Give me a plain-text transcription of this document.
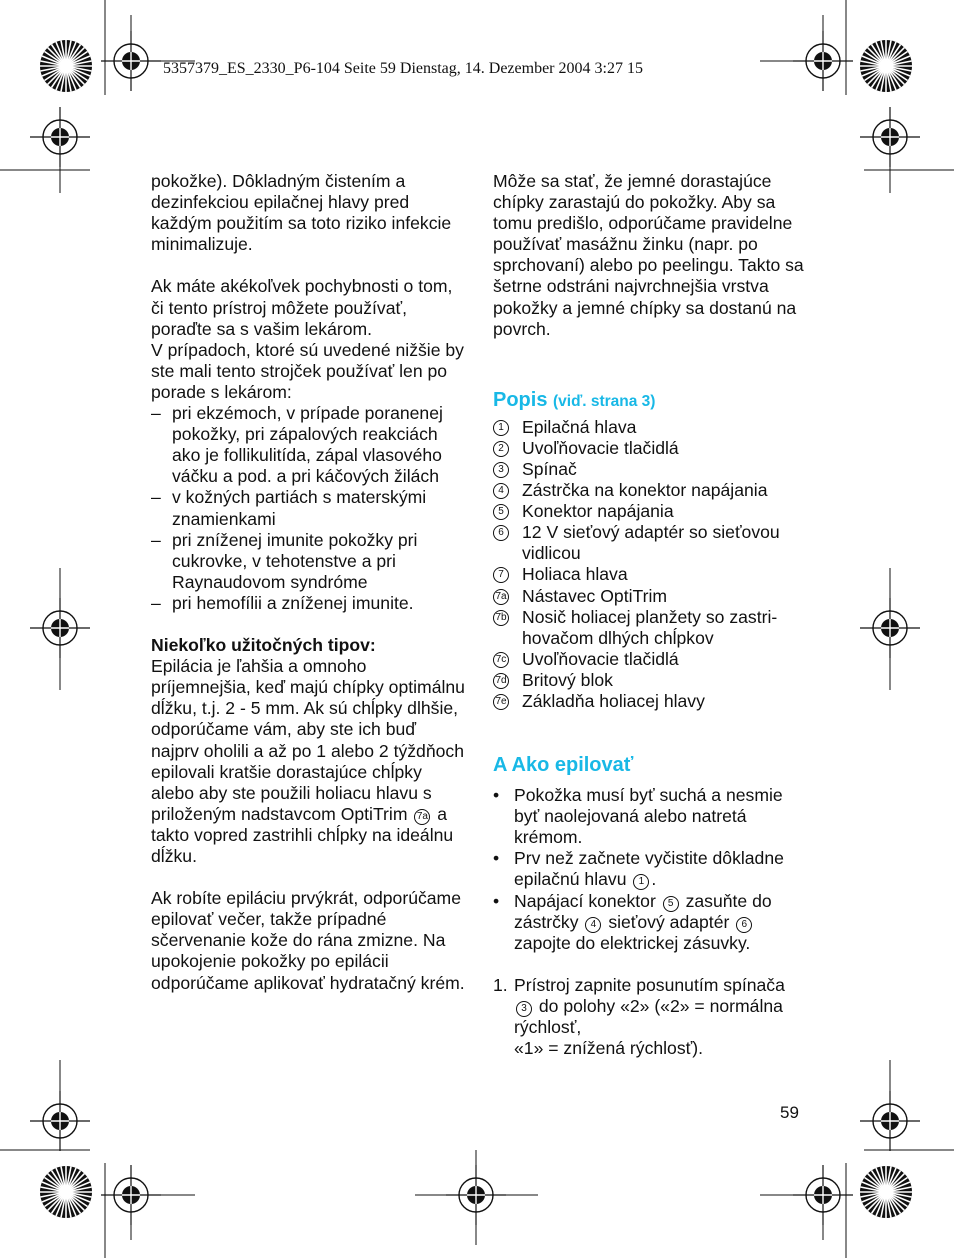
5357379_ES_2330_P6-104 Seite 59 Dienstag, 14. Dezember 2004 3:27 15

pokožke). Dôkladným čistením a dezinfekciou epilačnej hlavy pred každým použitím sa toto riziko infekcie minimalizuje.

Ak máte akékoľvek pochybnosti o tom, či tento prístroj môžete používať, poraďte sa s vašim lekárom.

V prípadoch, ktoré sú uvedené nižšie by ste mali tento strojček používať len po porade s lekárom:

– pri ekzémoch, v prípade poranenej pokožky, pri zápalových reakciách ako je follikulitída, zápal vlasového váčku a pod. a pri káčových žilách
– v kožných partiách s materskými znamienkami
– pri zníženej imunite pokožky pri cukrovke, v tehotenstve a pri Raynaudovom syndróme
– pri hemofílii a zníženej imunite.

Niekoľko užitočných tipov:

Epilácia je ľahšia a omnoho príjemnejšia, keď majú chípky optimálnu dĺžku, t.j. 2 - 5 mm. Ak sú chĺpky dlhšie, odporúčame vám, aby ste ich buď najprv oholili a až po 1 alebo 2 týždňoch epilovali kratšie dorastajúce chĺpky alebo aby ste použili holiacu hlavu s priloženým nadstavcom OptiTrim 7a a takto vopred zastrihli chĺpky na ideálnu dĺžku.

Ak robíte epiláciu prvýkrát, odporúčame epilovať večer, takže prípadné sčervenanie kože do rána zmizne. Na upokojenie pokožky po epilácii odporúčame aplikovať hydratačný krém.

Môže sa stať, že jemné dorastajúce chípky zarastajú do pokožky. Aby sa tomu predišlo, odporúčame pravidelne používať masážnu žinku (napr. po sprchovaní) alebo po peelingu. Takto sa šetrne odstráni najvrchnejšia vrstva pokožky a jemné chípky sa dostanú na povrch.

Popis (viď. strana 3)
1 Epilačná hlava
2 Uvoľňovacie tlačidlá
3 Spínač
4 Zástrčka na konektor napájania
5 Konektor napájania
6 12 V sieťový adaptér so sieťovou vidlicou
7 Holiaca hlava
7a Nástavec OptiTrim
7b Nosič holiacej planžety so zastri-hovačom dlhých chĺpkov
7c Uvoľňovacie tlačidlá
7d Britový blok
7e Základňa holiacej hlavy
A Ako epilovať
• Pokožka musí byť suchá a nesmie byť naolejovaná alebo natretá krémom.
• Prv než začnete vyčistite dôkladne epilačnú hlavu 1 .
• Napájací konektor 5 zasuňte do zástrčky 4 sieťový adaptér 6 zapojte do elektrickej zásuvky.
1. Prístroj zapnite posunutím spínača 3 do polohy «2» («2» = normálna rýchlosť,
«1» = znížená rýchlosť).

59
